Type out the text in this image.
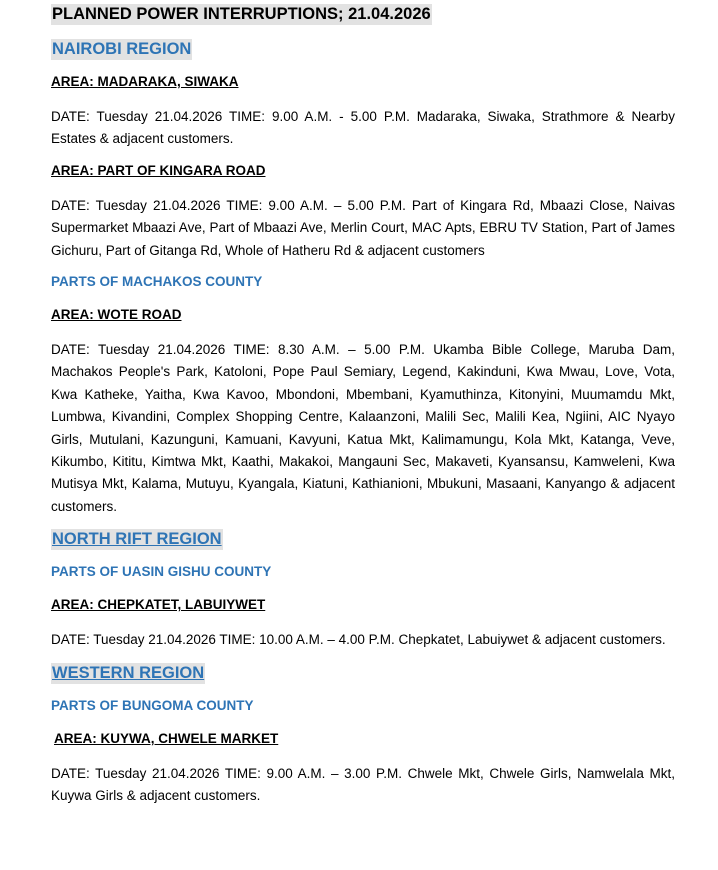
PLANNED POWER INTERRUPTIONS; 21.04.2026
NAIROBI REGION
AREA: MADARAKA, SIWAKA
DATE: Tuesday 21.04.2026 TIME: 9.00 A.M. - 5.00 P.M. Madaraka, Siwaka, Strathmore & Nearby Estates & adjacent customers.
AREA: PART OF KINGARA ROAD
DATE: Tuesday 21.04.2026 TIME: 9.00 A.M. – 5.00 P.M. Part of Kingara Rd, Mbaazi Close, Naivas Supermarket Mbaazi Ave, Part of Mbaazi Ave, Merlin Court, MAC Apts, EBRU TV Station, Part of James Gichuru, Part of Gitanga Rd, Whole of Hatheru Rd & adjacent customers
PARTS OF MACHAKOS COUNTY
AREA: WOTE ROAD
DATE: Tuesday 21.04.2026 TIME: 8.30 A.M. – 5.00 P.M. Ukamba Bible College, Maruba Dam, Machakos People's Park, Katoloni, Pope Paul Semiary, Legend, Kakinduni, Kwa Mwau, Love, Vota, Kwa Katheke, Yaitha, Kwa Kavoo, Mbondoni, Mbembani, Kyamuthinza, Kitonyini, Muumamdu Mkt, Lumbwa, Kivandini, Complex Shopping Centre, Kalaanzoni, Malili Sec, Malili Kea, Ngiini, AIC Nyayo Girls, Mutulani, Kazunguni, Kamuani, Kavyuni, Katua Mkt, Kalimamungu, Kola Mkt, Katanga, Veve, Kikumbo, Kititu, Kimtwa Mkt, Kaathi, Makakoi, Mangauni Sec, Makaveti, Kyansansu, Kamweleni, Kwa Mutisya Mkt, Kalama, Mutuyu, Kyangala, Kiatuni, Kathianioni, Mbukuni, Masaani, Kanyango & adjacent customers.
NORTH RIFT REGION
PARTS OF UASIN GISHU COUNTY
AREA: CHEPKATET, LABUIYWET
DATE: Tuesday 21.04.2026 TIME: 10.00 A.M. – 4.00 P.M. Chepkatet, Labuiywet & adjacent customers.
WESTERN REGION
PARTS OF BUNGOMA COUNTY
AREA: KUYWA, CHWELE MARKET
DATE: Tuesday 21.04.2026 TIME: 9.00 A.M. – 3.00 P.M. Chwele Mkt, Chwele Girls, Namwelala Mkt, Kuywa Girls & adjacent customers.
